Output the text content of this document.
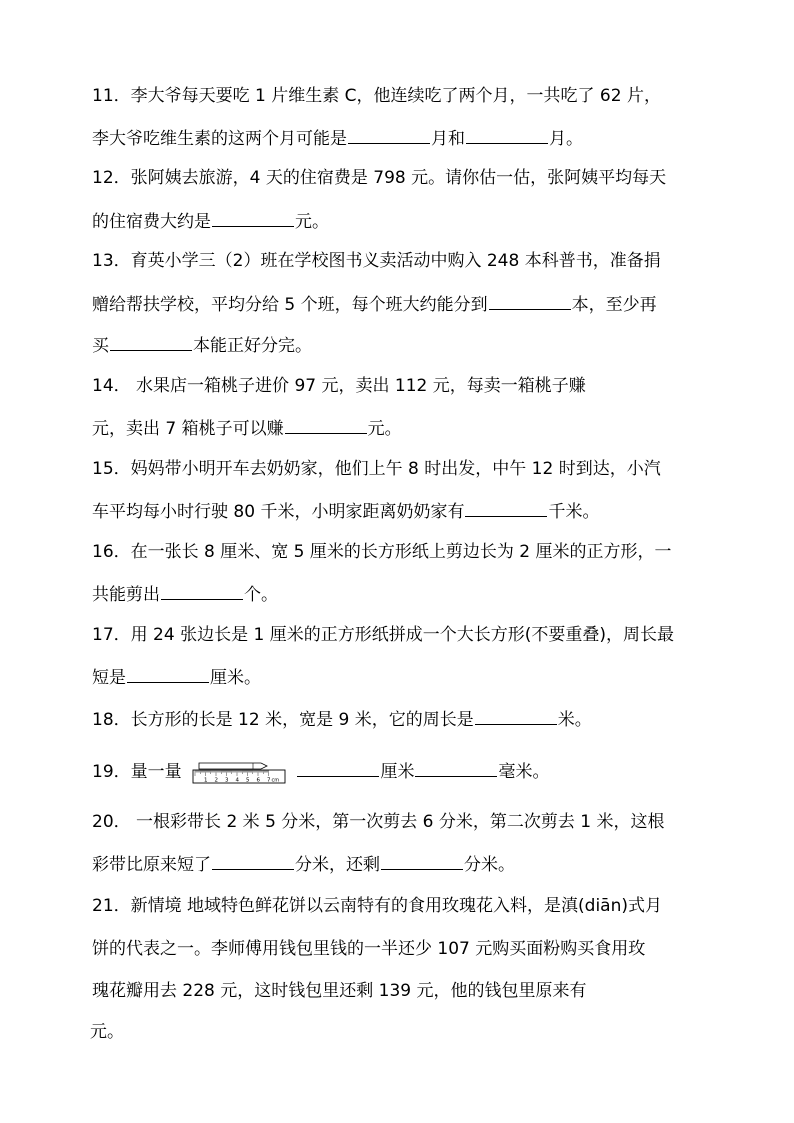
11．李大爷每天要吃 1 片维生素 C，他连续吃了两个月，一共吃了 62 片，
李大爷吃维生素的这两个月可能是	月和	月。
12．张阿姨去旅游，4 天的住宿费是 798 元。请你估一估，张阿姨平均每天
的住宿费大约是	元。
13．育英小学三（2）班在学校图书义卖活动中购入 248 本科普书，准备捐
赠给帮扶学校，平均分给 5 个班，每个班大约能分到	本，至少再
买	本能正好分完。
14． 水果店一箱桃子进价 97 元，卖出 112 元，每卖一箱桃子赚
元，卖出 7 箱桃子可以赚	元。
15．妈妈带小明开车去奶奶家，他们上午 8 时出发，中午 12 时到达，小汽
车平均每小时行驶 80 千米，小明家距离奶奶家有	千米。
16．在一张长 8 厘米、宽 5 厘米的长方形纸上剪边长为 2 厘米的正方形，一
共能剪出	个。
17．用 24 张边长是 1 厘米的正方形纸拼成一个大长方形(不要重叠)，周长最
短是	厘米。
18．长方形的长是 12 米，宽是 9 米，它的周长是	米。
19．量一量	1 2 3 4 5 6 7 cm	厘米	毫米。
20． 一根彩带长 2 米 5 分米，第一次剪去 6 分米，第二次剪去 1 米，这根
彩带比原来短了	分米，还剩	分米。
21．新情境 地域特色鲜花饼以云南特有的食用玫瑰花入料，是滇(diān)式月
饼的代表之一。李师傅用钱包里钱的一半还少 107 元购买面粉购买食用玫
瑰花瓣用去 228 元，这时钱包里还剩 139 元，他的钱包里原来有
元。
